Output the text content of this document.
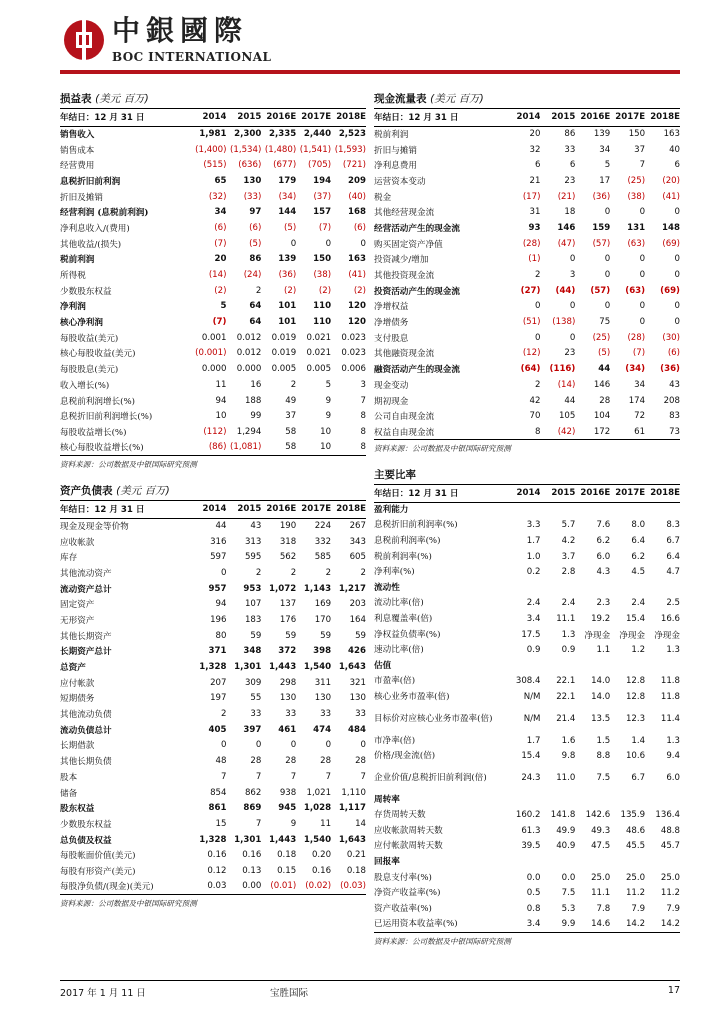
中銀國際
BOC INTERNATIONAL
损益表 (美元 百万)
年结日：12 月 31 日	2014	2015	2016E	2017E	2018E
销售收入	1,981	2,300	2,335	2,440	2,523
销售成本	(1,400)	(1,534)	(1,480)	(1,541)	(1,593)
经营费用	(515)	(636)	(677)	(705)	(721)
息税折旧前利润	65	130	179	194	209
折旧及摊销	(32)	(33)	(34)	(37)	(40)
经营利润 (息税前利润)	34	97	144	157	168
净利息收入/(费用)	(6)	(6)	(5)	(7)	(6)
其他收益/(损失)	(7)	(5)	0	0	0
税前利润	20	86	139	150	163
所得税	(14)	(24)	(36)	(38)	(41)
少数股东权益	(2)	2	(2)	(2)	(2)
净利润	5	64	101	110	120
核心净利润	(7)	64	101	110	120
每股收益(美元)	0.001	0.012	0.019	0.021	0.023
核心每股收益(美元)	(0.001)	0.012	0.019	0.021	0.023
每股股息(美元)	0.000	0.000	0.005	0.005	0.006
收入增长(%)	11	16	2	5	3
息税前利润增长(%)	94	188	49	9	7
息税折旧前利润增长(%)	10	99	37	9	8
每股收益增长(%)	(112)	1,294	58	10	8
核心每股收益增长(%)	(86)	(1,081)	58	10	8
资料来源：公司数据及中银国际研究预测
现金流量表 (美元 百万)
年结日：12 月 31 日	2014	2015	2016E	2017E	2018E
税前利润	20	86	139	150	163
折旧与摊销	32	33	34	37	40
净利息费用	6	6	5	7	6
运营资本变动	21	23	17	(25)	(20)
税金	(17)	(21)	(36)	(38)	(41)
其他经营现金流	31	18	0	0	0
经营活动产生的现金流	93	146	159	131	148
购买固定资产净值	(28)	(47)	(57)	(63)	(69)
投资减少/增加	(1)	0	0	0	0
其他投资现金流	2	3	0	0	0
投资活动产生的现金流	(27)	(44)	(57)	(63)	(69)
净增权益	0	0	0	0	0
净增债务	(51)	(138)	75	0	0
支付股息	0	0	(25)	(28)	(30)
其他融资现金流	(12)	23	(5)	(7)	(6)
融资活动产生的现金流	(64)	(116)	44	(34)	(36)
现金变动	2	(14)	146	34	43
期初现金	42	44	28	174	208
公司自由现金流	70	105	104	72	83
权益自由现金流	8	(42)	172	61	73
资料来源：公司数据及中银国际研究预测
资产负债表 (美元 百万)
年结日：12 月 31 日	2014	2015	2016E	2017E	2018E
现金及现金等价物	44	43	190	224	267
应收帐款	316	313	318	332	343
库存	597	595	562	585	605
其他流动资产	0	2	2	2	2
流动资产总计	957	953	1,072	1,143	1,217
固定资产	94	107	137	169	203
无形资产	196	183	176	170	164
其他长期资产	80	59	59	59	59
长期资产总计	371	348	372	398	426
总资产	1,328	1,301	1,443	1,540	1,643
应付帐款	207	309	298	311	321
短期债务	197	55	130	130	130
其他流动负债	2	33	33	33	33
流动负债总计	405	397	461	474	484
长期借款	0	0	0	0	0
其他长期负债	48	28	28	28	28
股本	7	7	7	7	7
储备	854	862	938	1,021	1,110
股东权益	861	869	945	1,028	1,117
少数股东权益	15	7	9	11	14
总负债及权益	1,328	1,301	1,443	1,540	1,643
每股帐面价值(美元)	0.16	0.16	0.18	0.20	0.21
每股有形资产(美元)	0.12	0.13	0.15	0.16	0.18
每股净负债/(现金)(美元)	0.03	0.00	(0.01)	(0.02)	(0.03)
资料来源：公司数据及中银国际研究预测
主要比率
年结日：12 月 31 日	2014	2015	2016E	2017E	2018E
盈利能力					
息税折旧前利润率(%)	3.3	5.7	7.6	8.0	8.3
息税前利润率(%)	1.7	4.2	6.2	6.4	6.7
税前利润率(%)	1.0	3.7	6.0	6.2	6.4
净利率(%)	0.2	2.8	4.3	4.5	4.7
流动性					
流动比率(倍)	2.4	2.4	2.3	2.4	2.5
利息覆盖率(倍)	3.4	11.1	19.2	15.4	16.6
净权益负债率(%)	17.5	1.3	净现金	净现金	净现金
速动比率(倍)	0.9	0.9	1.1	1.2	1.3
估值					
市盈率(倍)	308.4	22.1	14.0	12.8	11.8
核心业务市盈率(倍)	N/M	22.1	14.0	12.8	11.8
目标价对应核心业务市盈率(倍)	N/M	21.4	13.5	12.3	11.4
市净率(倍)	1.7	1.6	1.5	1.4	1.3
价格/现金流(倍)	15.4	9.8	8.8	10.6	9.4
企业价值/息税折旧前利润(倍)	24.3	11.0	7.5	6.7	6.0
周转率					
存货周转天数	160.2	141.8	142.6	135.9	136.4
应收帐款周转天数	61.3	49.9	49.3	48.6	48.8
应付帐款周转天数	39.5	40.9	47.5	45.5	45.7
回报率					
股息支付率(%)	0.0	0.0	25.0	25.0	25.0
净资产收益率(%)	0.5	7.5	11.1	11.2	11.2
资产收益率(%)	0.8	5.3	7.8	7.9	7.9
已运用资本收益率(%)	3.4	9.9	14.6	14.2	14.2
资料来源：公司数据及中银国际研究预测
2017 年 1 月 11 日	宝胜国际	17
